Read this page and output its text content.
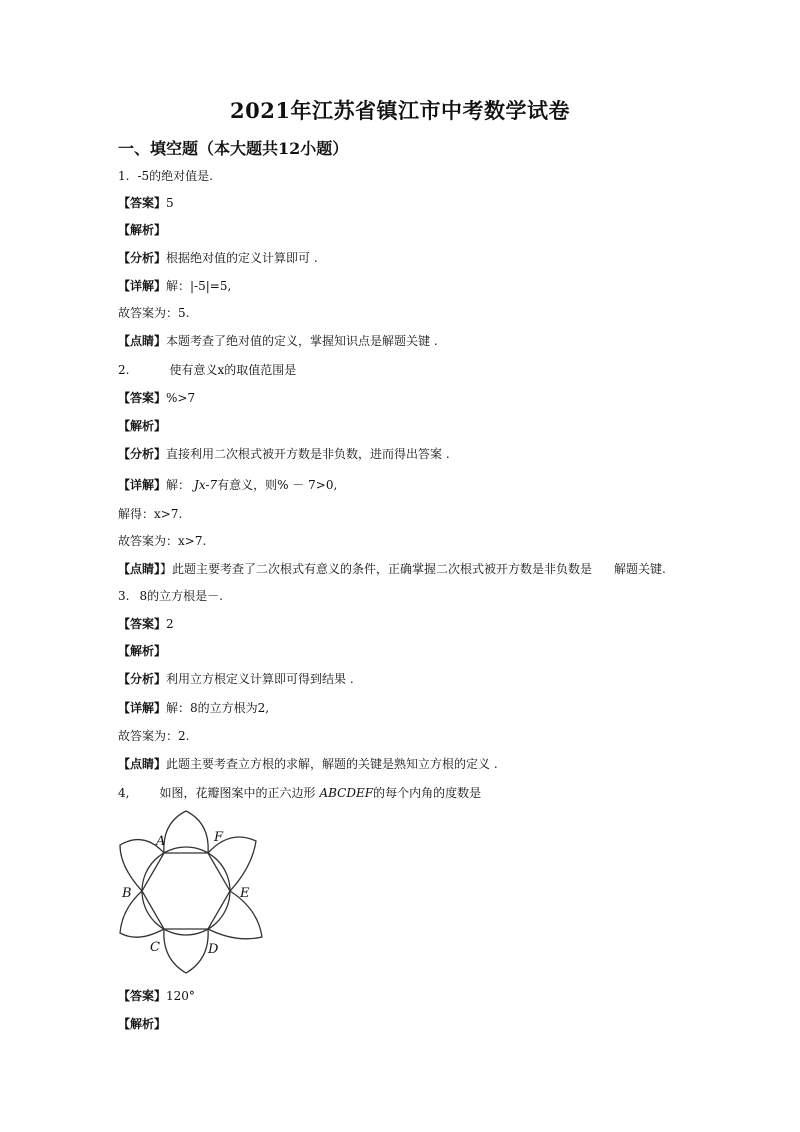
2021年江苏省镇江市中考数学试卷
一、填空题（本大题共12小题）
1. -5的绝对值是.
【答案】5
【解析】
【分析】根据绝对值的定义计算即可 .
【详解】解：|-5|=5,
故答案为：5.
【点睛】本题考查了绝对值的定义，掌握知识点是解题关键 .
2.	使有意义x的取值范围是
【答案】%>7
【解析】
【分析】直接利用二次根式被开方数是非负数，进而得出答案 .
【详解】解： Jx-7有意义，则% － 7>0,
解得：x>7.
故答案为：x>7.
【点睛】】此题主要考查了二次根式有意义的条件，正确掌握二次根式被开方数是非负数是 解题关键.
3. 8的立方根是－.
【答案】2
【解析】
【分析】利用立方根定义计算即可得到结果 .
【详解】解：8的立方根为2,
故答案为：2.
【点睛】此题主要考查立方根的求解，解题的关键是熟知立方根的定义 .
4,	如图，花瓣图案中的正六边形 ABCDEF的每个内角的度数是
A	F
B	E
C	D
【答案】120°
【解析】
